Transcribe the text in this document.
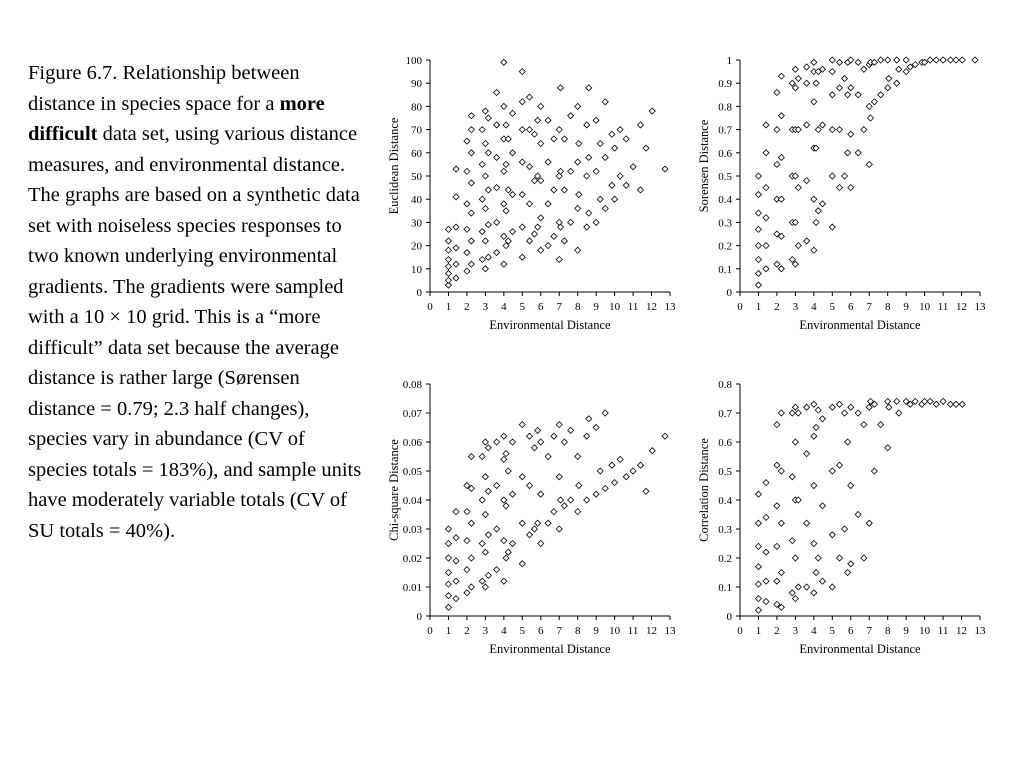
Figure 6.7. Relationship between distance in species space for a more difficult data set, using various distance measures, and environmental distance. The graphs are based on a synthetic data set with noiseless species responses to two known underlying environmental gradients. The gradients were sampled with a 10 × 10 grid. This is a “more difficult” data set because the average distance is rather large (Sørensen distance = 0.79; 2.3 half changes), species vary in abundance (CV of species totals = 183%), and sample units have moderately variable totals (CV of SU totals = 40%).

0 1 2 3 4 5 6 7 8 9 10 11 12 13
0
10
20
30
40
50
60
70
80
90
100
Environmental Distance
Euclidean Distance
0 1 2 3 4 5 6 7 8 9 10 11 12 13
0
0.1
0.2
0.3
0.4
0.5
0.6
0.7
0.8
0.9
1
Environmental Distance
Sorensen Distance
0 1 2 3 4 5 6 7 8 9 10 11 12 13
0
0.01
0.02
0.03
0.04
0.05
0.06
0.07
0.08
Environmental Distance
Chi-square Distance
0 1 2 3 4 5 6 7 8 9 10 11 12 13
0
0.1
0.2
0.3
0.4
0.5
0.6
0.7
0.8
Environmental Distance
Correlation Distance
